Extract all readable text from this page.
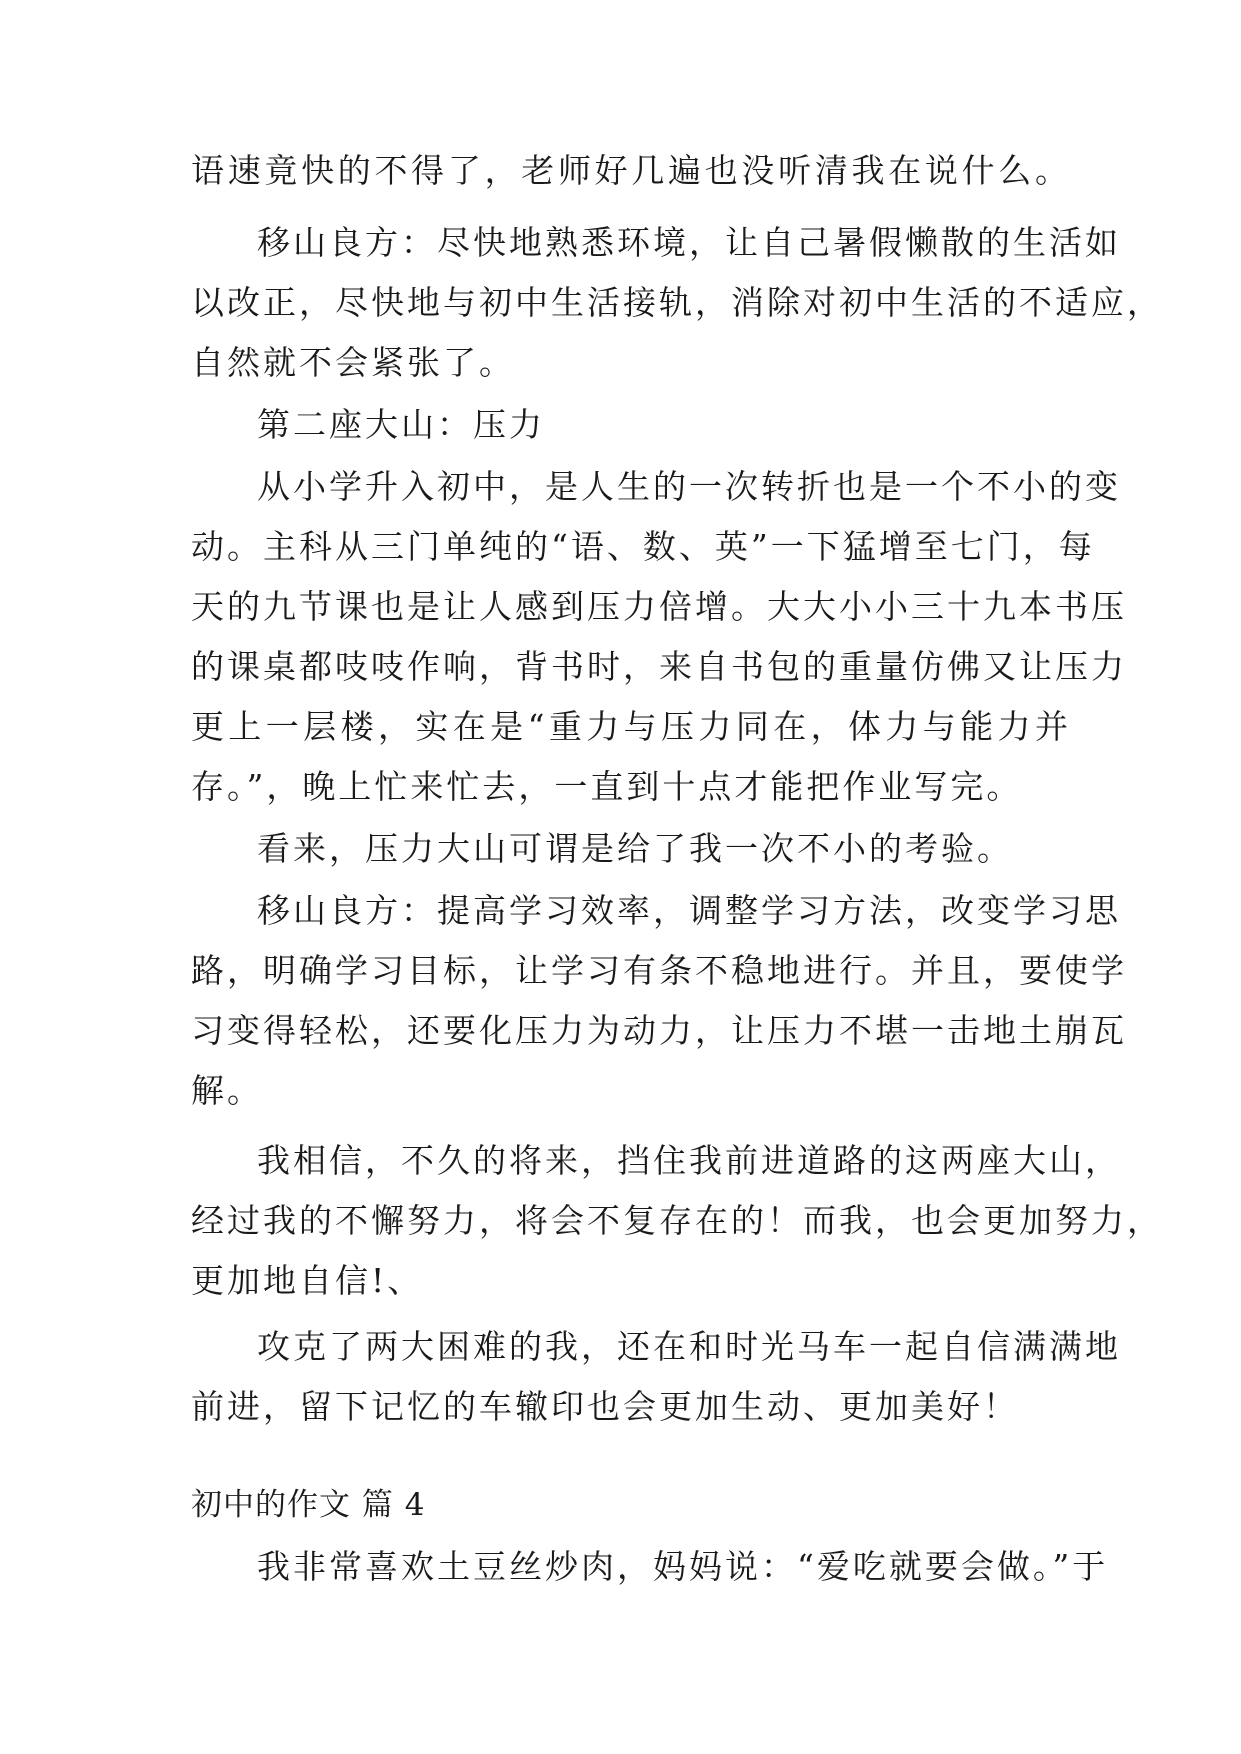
语速竟快的不得了，老师好几遍也没听清我在说什么。
移山良方：尽快地熟悉环境，让自己暑假懒散的生活如
以改正，尽快地与初中生活接轨，消除对初中生活的不适应，
自然就不会紧张了。
第二座大山：压力
从小学升入初中，是人生的一次转折也是一个不小的变
动。主科从三门单纯的“语、数、英”一下猛增至七门，每
天的九节课也是让人感到压力倍增。大大小小三十九本书压
的课桌都吱吱作响，背书时，来自书包的重量仿佛又让压力
更上一层楼，实在是“重力与压力同在，体力与能力并
存。”，晚上忙来忙去，一直到十点才能把作业写完。
看来，压力大山可谓是给了我一次不小的考验。
移山良方：提高学习效率，调整学习方法，改变学习思
路，明确学习目标，让学习有条不稳地进行。并且，要使学
习变得轻松，还要化压力为动力，让压力不堪一击地土崩瓦
解。
我相信，不久的将来，挡住我前进道路的这两座大山，
经过我的不懈努力，将会不复存在的！而我，也会更加努力，
更加地自信!、
攻克了两大困难的我，还在和时光马车一起自信满满地
前进，留下记忆的车辙印也会更加生动、更加美好！
初中的作文 篇 4
我非常喜欢土豆丝炒肉，妈妈说：“爱吃就要会做。”于
